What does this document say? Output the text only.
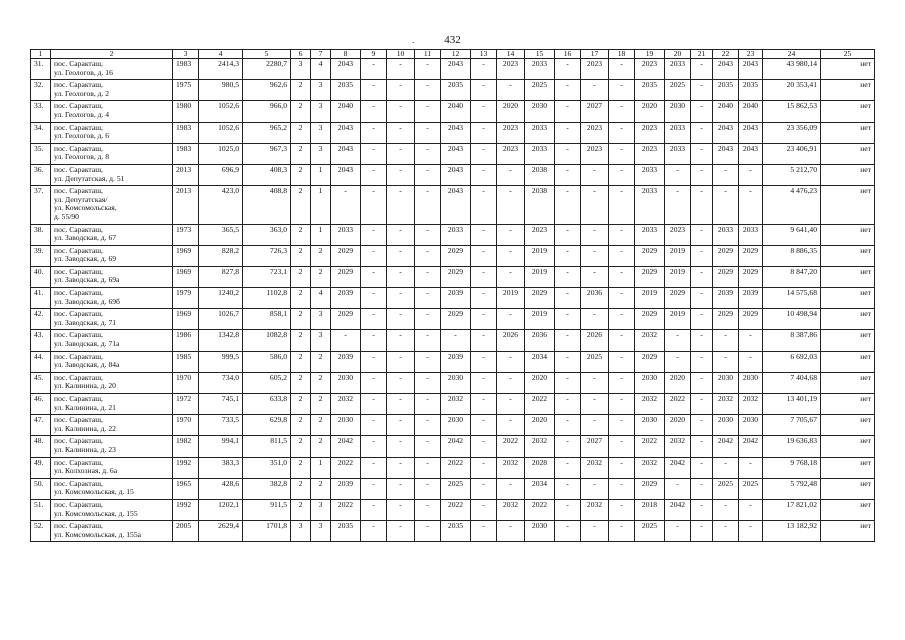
432
.
1	2	3	4	5	6	7	8	9	10	11	12	13	14	15	16	17	18	19	20	21	22	23	24	25
31.	пос. Саракташ,
ул. Геологов, д. 16	1983	2414,3	2280,7	3	4	2043	-	-	-	2043	-	2023	2033	-	2023	-	2023	2033	-	2043	2043	43 980,14	нет
32.	пос. Саракташ,
ул. Геологов, д. 2	1975	980,5	962,6	2	3	2035	-	-	-	2035	-	-	2025	-	-	-	2035	2025	-	2035	2035	20 353,41	нет
33.	пос. Саракташ,
ул. Геологов, д. 4	1980	1052,6	966,0	2	3	2040	-	-	-	2040	-	2020	2030	-	2027	-	2020	2030	-	2040	2040	15 862,53	нет
34.	пос. Саракташ,
ул. Геологов, д. 6	1983	1052,6	965,2	2	3	2043	-	-	-	2043	-	2023	2033	-	2023	-	2023	2033	-	2043	2043	23 356,09	нет
35.	пос. Саракташ,
ул. Геологов, д. 8	1983	1025,0	967,3	2	3	2043	-	-	-	2043	-	2023	2033	-	2023	-	2023	2033	-	2043	2043	23 406,91	нет
36.	пос. Саракташ,
ул. Депутатская, д. 51	2013	696,9	408,3	2	1	2043	-	-	-	2043	-	-	2038	-	-	-	2033	-	-	-	-	5 212,70	нет
37.	пос. Саракташ,
ул. Депутатская/
ул. Комсомольская,
д. 55/90	2013	423,0	408,8	2	1	-	-	-	-	2043	-	-	2038	-	-	-	2033	-	-	-	-	4 476,23	нет
38.	пос. Саракташ,
ул. Заводская, д. 67	1973	365,5	363,0	2	1	2033	-	-	-	2033	-	-	2023	-	-	-	2033	2023	-	2033	2033	9 641,40	нет
39.	пос. Саракташ,
ул. Заводская, д. 69	1969	828,2	726,3	2	2	2029	-	-	-	2029	-	-	2019	-	-	-	2029	2019	-	2029	2029	8 886,35	нет
40.	пос. Саракташ,
ул. Заводская, д. 69а	1969	827,8	723,1	2	2	2029	-	-	-	2029	-	-	2019	-	-	-	2029	2019	-	2029	2029	8 847,20	нет
41.	пос. Саракташ,
ул. Заводская, д. 69б	1979	1240,2	1102,8	2	4	2039	-	-	-	2039	-	2019	2029	-	2036	-	2019	2029	-	2039	2039	14 575,68	нет
42.	пос. Саракташ,
ул. Заводская, д. 71	1969	1026,7	858,1	2	3	2029	-	-	-	2029	-	-	2019	-	-	-	2029	2019	-	2029	2029	10 498,94	нет
43.	пос. Саракташ,
ул. Заводская, д. 71а	1986	1342,8	1082,8	2	3	-	-	-	-	-	-	2026	2036	-	2026	-	2032	-	-	-	-	8 387,86	нет
44.	пос. Саракташ,
ул. Заводская, д. 84а	1985	999,5	586,0	2	2	2039	-	-	-	2039	-	-	2034	-	2025	-	2029	-	-	-	-	6 692,03	нет
45.	пос. Саракташ,
ул. Калинина, д. 20	1970	734,0	605,2	2	2	2030	-	-	-	2030	-	-	2020	-	-	-	2030	2020	-	2030	2030	7 404,68	нет
46.	пос. Саракташ,
ул. Калинина, д. 21	1972	745,1	633,8	2	2	2032	-	-	-	2032	-	-	2022	-	-	-	2032	2022	-	2032	2032	13 401,19	нет
47.	пос. Саракташ,
ул. Калинина, д. 22	1970	733,5	629,8	2	2	2030	-	-	-	2030	-	-	2020	-	-	-	2030	2020	-	2030	2030	7 705,67	нет
48.	пос. Саракташ,
ул. Калинина, д. 23	1982	994,1	811,5	2	2	2042	-	-	-	2042	-	2022	2032	-	2027	-	2022	2032	-	2042	2042	19 636,83	нет
49.	пос. Саракташ,
ул. Колхозная, д. 6а	1992	383,3	351,0	2	1	2022	-	-	-	2022	-	2032	2028	-	2032	-	2032	2042	-	-	-	9 768,18	нет
50.	пос. Саракташ,
ул. Комсомольская, д. 15	1965	428,6	382,8	2	2	2039	-	-	-	2025	-	-	2034	-	-	-	2029	-	-	2025	2025	5 792,48	нет
51.	пос. Саракташ,
ул. Комсомольская, д. 155	1992	1202,1	911,5	2	3	2022	-	-	-	2022	-	2032	2022	-	2032	-	2018	2042	-	-	-	17 821,02	нет
52.	пос. Саракташ,
ул. Комсомольская, д. 155а	2005	2629,4	1701,8	3	3	2035	-	-	-	2035	-	-	2030	-	-	-	2025	-	-	-	-	13 182,92	нет
